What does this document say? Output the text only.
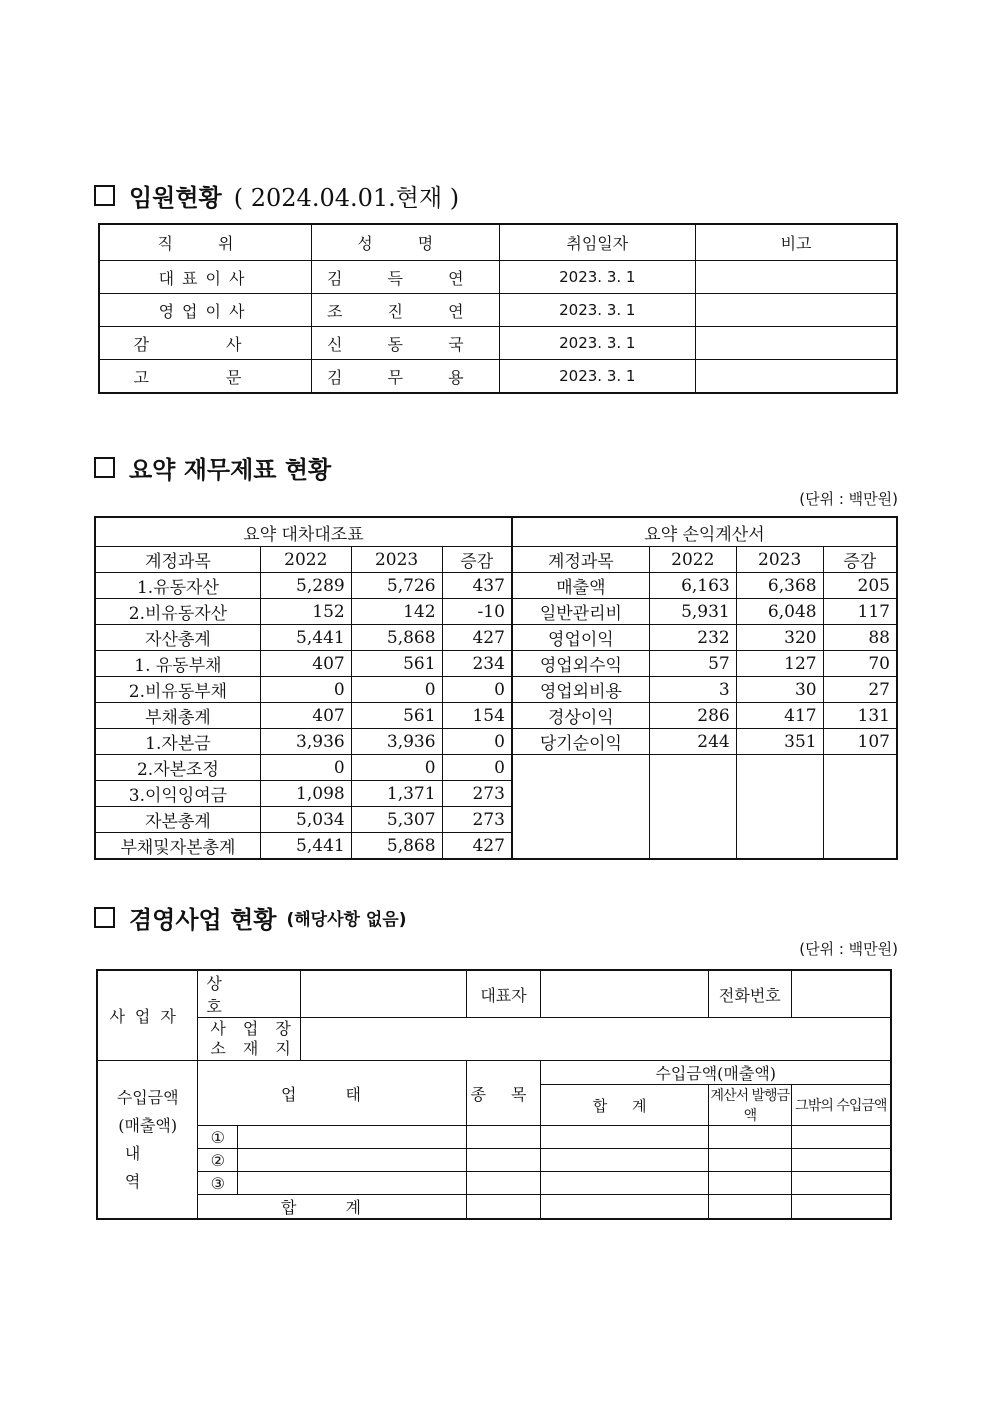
임원현황 ( 2024.04.01.현재 )
직 위	성 명	취임일자	비고
대표이사	김 득 연	2023. 3. 1	
영업이사	조 진 연	2023. 3. 1	
감 사	신 동 국	2023. 3. 1	
고 문	김 무 용	2023. 3. 1	
요약 재무제표 현황
(단위 : 백만원)
요약 대차대조표				요약 손익계산서			
계정과목	2022	2023	증감	계정과목	2022	2023	증감
1.유동자산	5,289	5,726	437	매출액	6,163	6,368	205
2.비유동자산	152	142	-10	일반관리비	5,931	6,048	117
자산총계	5,441	5,868	427	영업이익	232	320	88
1. 유동부채	407	561	234	영업외수익	57	127	70
2.비유동부채	0	0	0	영업외비용	3	30	27
부채총계	407	561	154	경상이익	286	417	131
1.자본금	3,936	3,936	0	당기순이익	244	351	107
2.자본조정	0	0	0				
3.이익잉여금	1,098	1,371	273				
자본총계	5,034	5,307	273				
부채및자본총계	5,441	5,868	427				
겸영사업 현황 (해당사항 없음)
(단위 : 백만원)
사업자	상 호			대표자		전화번호	

	사 업 장
소 재 지						

수입금액
(매출액)
내 역	업 태			종 목	수입금액(매출액)		
					합 계	계산서 발행금액	그밖의 수입금액
	①						
	②						
	③						
	합 계						
